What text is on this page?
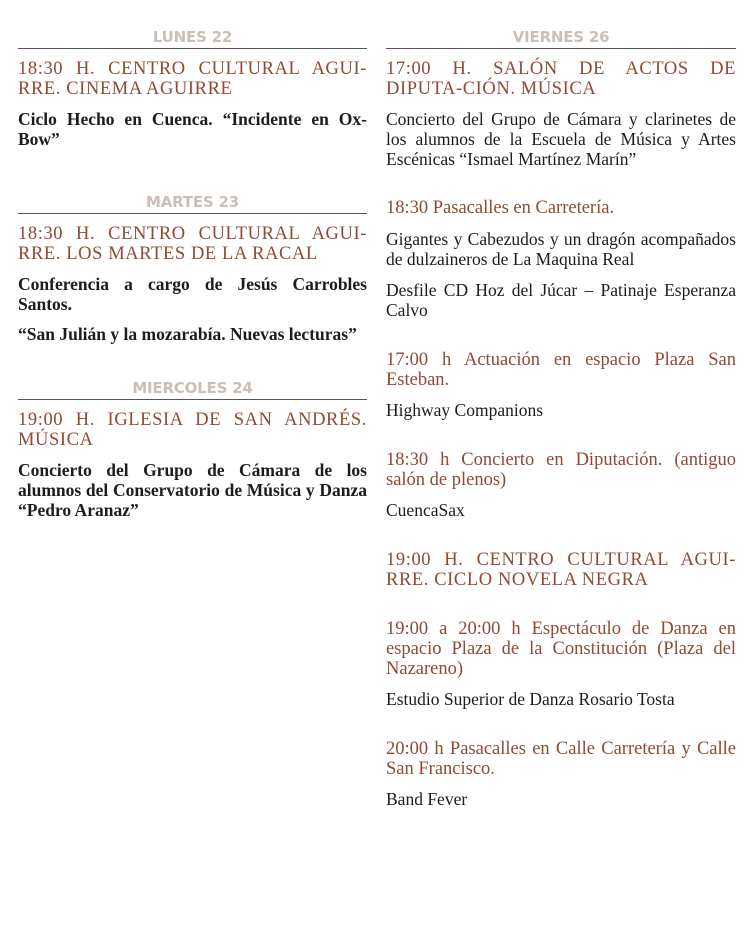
LUNES 22

18:30 H. CENTRO CULTURAL AGUI-RRE. CINEMA AGUIRRE

Ciclo Hecho en Cuenca. “Incidente en Ox-Bow”

MARTES 23

18:30 H. CENTRO CULTURAL AGUI-RRE. LOS MARTES DE LA RACAL

Conferencia a cargo de Jesús Carrobles Santos.

“San Julián y la mozarabía. Nuevas lecturas”

MIERCOLES 24

19:00 H. IGLESIA DE SAN ANDRÉS. MÚSICA

Concierto del Grupo de Cámara de los alumnos del Conservatorio de Música y Danza “Pedro Aranaz”

VIERNES 26

17:00 H. SALÓN DE ACTOS DE DIPUTA-CIÓN. MÚSICA

Concierto del Grupo de Cámara y clarinetes de los alumnos de la Escuela de Música y Artes Escénicas “Ismael Martínez Marín”

18:30 Pasacalles en Carretería.

Gigantes y Cabezudos y un dragón acompañados de dulzaineros de La Maquina Real

Desfile CD Hoz del Júcar – Patinaje Esperanza Calvo

17:00 h Actuación en espacio Plaza San Esteban.

Highway Companions

18:30 h Concierto en Diputación. (antiguo salón de plenos)

CuencaSax

19:00 H. CENTRO CULTURAL AGUI-RRE. CICLO NOVELA NEGRA

19:00 a 20:00 h Espectáculo de Danza en espacio Plaza de la Constitución (Plaza del Nazareno)

Estudio Superior de Danza Rosario Tosta

20:00 h Pasacalles en Calle Carretería y Calle San Francisco.

Band Fever
